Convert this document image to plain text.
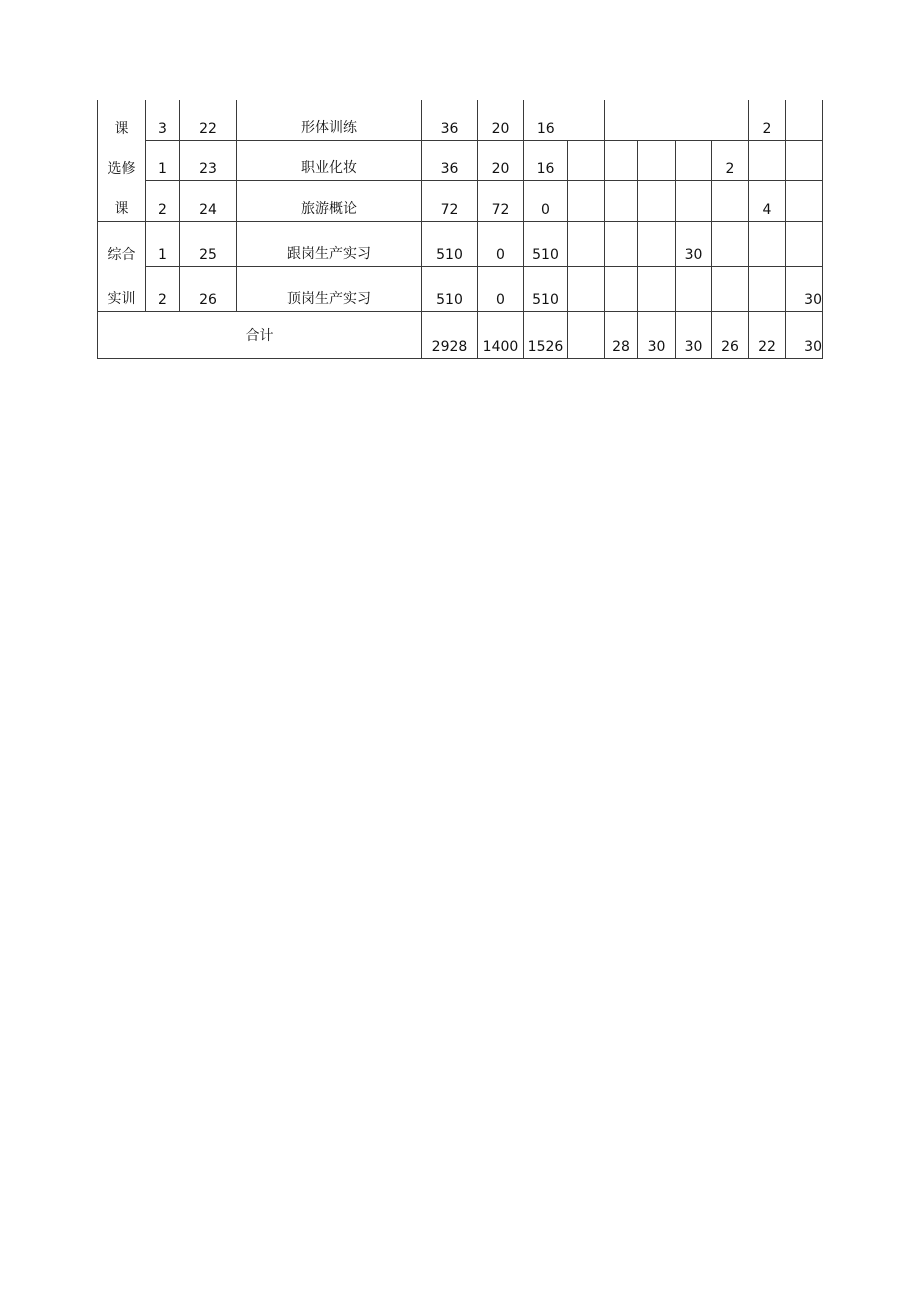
课	3	22	形体训练	36	20	16						2	
选修	1	23	职业化妆	36	20	16					2		
课	2	24	旅游概论	72	72	0						4	
综合	1	25	跟岗生产实习	510	0	510				30			
实训	2	26	顶岗生产实习	510	0	510							30
合计				2928	1400	1526		28	30	30	26	22	30
